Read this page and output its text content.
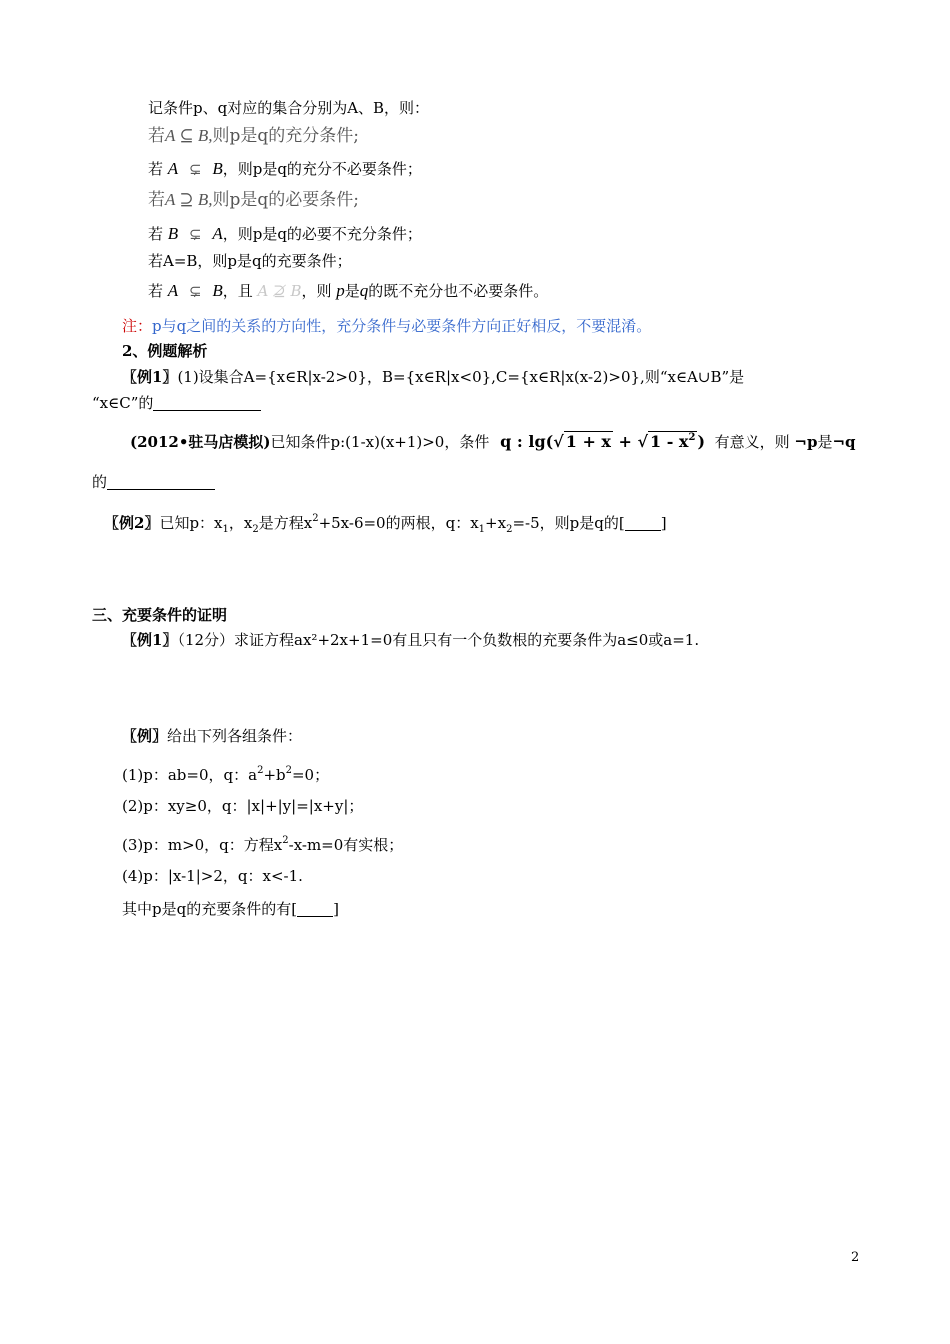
记条件p、q对应的集合分别为A、B，则：
若A ⊆ B,则p是q的充分条件;
若 A ⊊ B，则p是q的充分不必要条件；
若A ⊇ B,则p是q的必要条件;
若 B ⊊ A，则p是q的必要不充分条件；
若A=B，则p是q的充要条件；
若 A ⊊ B，且 A ⊉ B，则 p是q的既不充分也不必要条件。
注：p与q之间的关系的方向性，充分条件与必要条件方向正好相反，不要混淆。
2、例题解析
〖例1〗(1)设集合A={x∈R|x-2>0}，B={x∈R|x<0},C={x∈R|x(x-2)>0},则“x∈A∪B”是
“x∈C”的
(2012•驻马店模拟)已知条件p:(1-x)(x+1)>0，条件 q : lg(√ 1 + x + √ $1 - x^2$ ) 有意义，则 ¬p是¬q
的
〖例2〗已知p：$x_1$，$x_2$是方程$x^2+5x-6=0$的两根，q：$x_1+x_2=-5$，则p是q的[ ]
三、充要条件的证明
〖例1〗（12分）求证方程ax²+2x+1=0有且只有一个负数根的充要条件为a≤0或a=1.
〖例〗给出下列各组条件：
(1)p：ab=0，q：$a^2+b^2=0$；
(2)p：xy≥0，q：|x|+|y|=|x+y|；
(3)p：m>0，q：方程$x^2-x-m=0$有实根；
(4)p：|x-1|>2，q：x<-1.
其中p是q的充要条件的有[ ]
2
